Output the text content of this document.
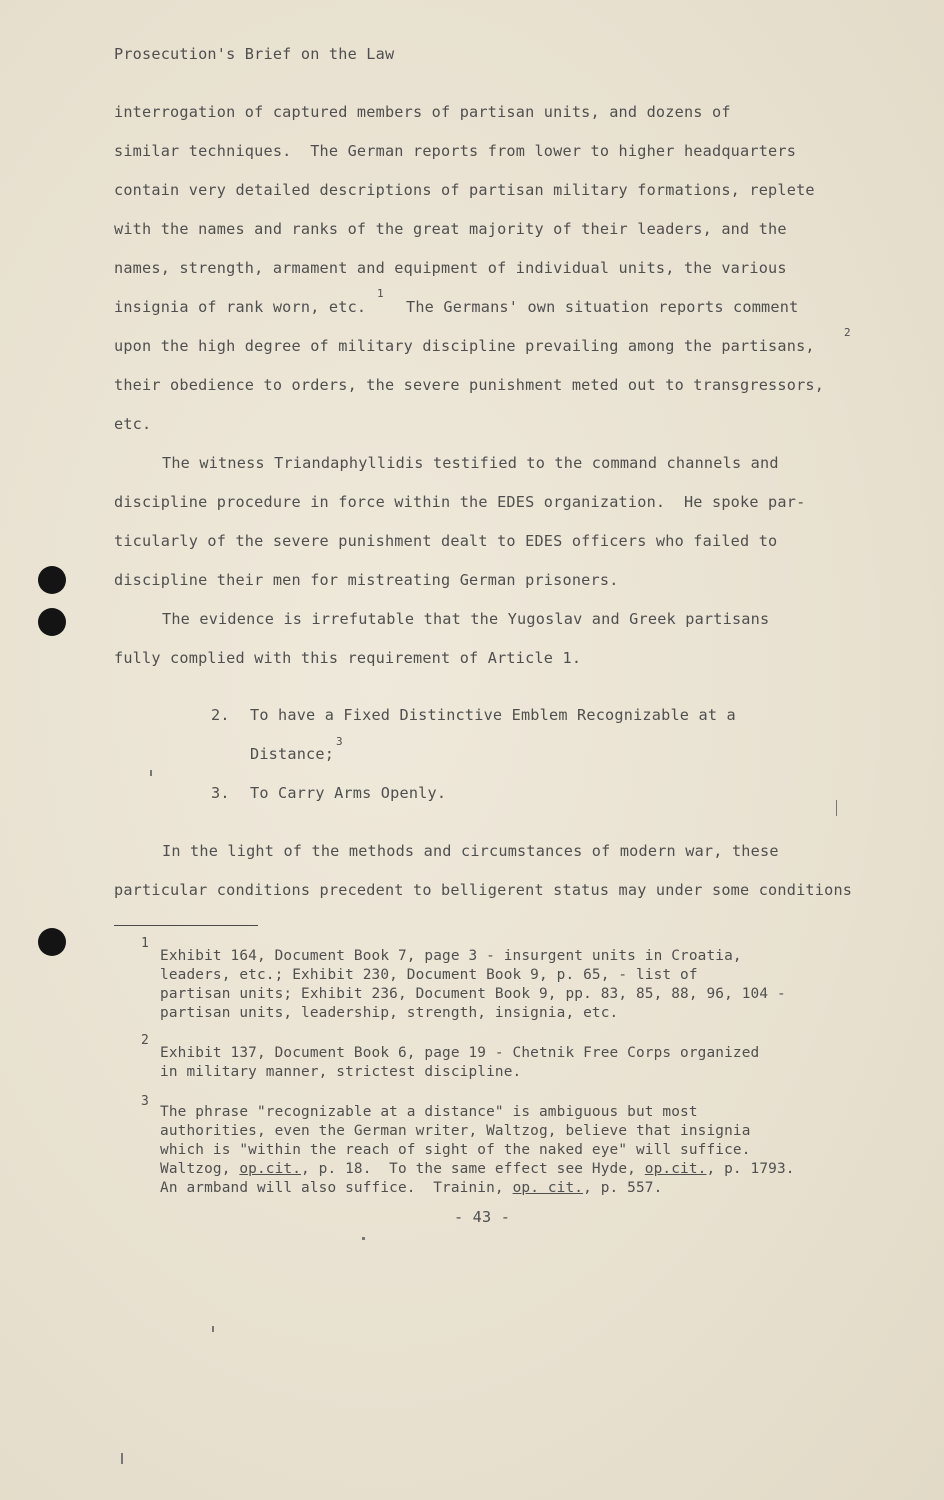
Prosecution's Brief on the Law
interrogation of captured members of partisan units, and dozens of
similar techniques.  The German reports from lower to higher headquarters
contain very detailed descriptions of partisan military formations, replete
with the names and ranks of the great majority of their leaders, and the
names, strength, armament and equipment of individual units, the various
insignia of rank worn, etc.
1
The Germans' own situation reports comment
upon the high degree of military discipline prevailing among the partisans,
2
their obedience to orders, the severe punishment meted out to transgressors,
etc.
The witness Triandaphyllidis testified to the command channels and
discipline procedure in force within the EDES organization.  He spoke par-
ticularly of the severe punishment dealt to EDES officers who failed to
discipline their men for mistreating German prisoners.
The evidence is irrefutable that the Yugoslav and Greek partisans
fully complied with this requirement of Article 1.
2. To have a Fixed Distinctive Emblem Recognizable at a
Distance;
3
3. To Carry Arms Openly.
In the light of the methods and circumstances of modern war, these
particular conditions precedent to belligerent status may under some conditions
1
Exhibit 164, Document Book 7, page 3 - insurgent units in Croatia,
leaders, etc.; Exhibit 230, Document Book 9, p. 65, - list of
partisan units; Exhibit 236, Document Book 9, pp. 83, 85, 88, 96, 104 -
partisan units, leadership, strength, insignia, etc.
2
Exhibit 137, Document Book 6, page 19 - Chetnik Free Corps organized
in military manner, strictest discipline.
3
The phrase "recognizable at a distance" is ambiguous but most
authorities, even the German writer, Waltzog, believe that insignia
which is "within the reach of sight of the naked eye" will suffice.
Waltzog, op.cit., p. 18.  To the same effect see Hyde, op.cit., p. 1793.
An armband will also suffice.  Trainin, op. cit., p. 557.
- 43 -
